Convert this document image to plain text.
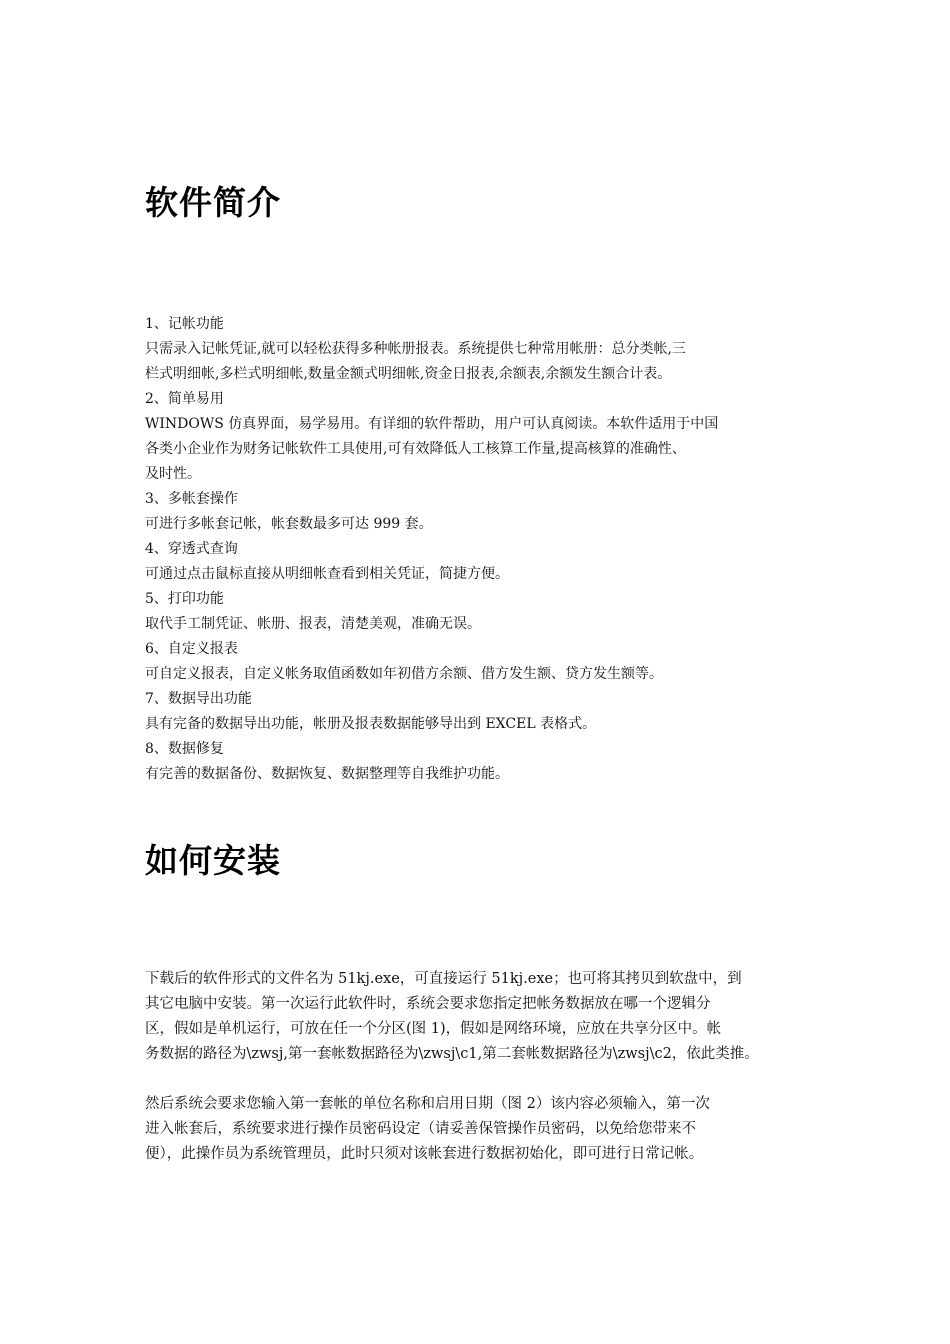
软件简介
1、记帐功能
只需录入记帐凭证,就可以轻松获得多种帐册报表。系统提供七种常用帐册：总分类帐,三
栏式明细帐,多栏式明细帐,数量金额式明细帐,资金日报表,余额表,余额发生额合计表。
2、简单易用
WINDOWS 仿真界面，易学易用。有详细的软件帮助，用户可认真阅读。本软件适用于中国
各类小企业作为财务记帐软件工具使用,可有效降低人工核算工作量,提高核算的准确性、
及时性。
3、多帐套操作
可进行多帐套记帐，帐套数最多可达 999 套。
4、穿透式查询
可通过点击鼠标直接从明细帐查看到相关凭证，简捷方便。
5、打印功能
取代手工制凭证、帐册、报表，清楚美观，准确无误。
6、自定义报表
可自定义报表，自定义帐务取值函数如年初借方余额、借方发生额、贷方发生额等。
7、数据导出功能
具有完备的数据导出功能，帐册及报表数据能够导出到 EXCEL 表格式。
8、数据修复
有完善的数据备份、数据恢复、数据整理等自我维护功能。
如何安装
下载后的软件形式的文件名为 51kj.exe，可直接运行 51kj.exe；也可将其拷贝到软盘中，到
其它电脑中安装。第一次运行此软件时，系统会要求您指定把帐务数据放在哪一个逻辑分
区，假如是单机运行，可放在任一个分区(图 1)，假如是网络环境，应放在共享分区中。帐
务数据的路径为\zwsj,第一套帐数据路径为\zwsj\c1,第二套帐数据路径为\zwsj\c2，依此类推。
然后系统会要求您输入第一套帐的单位名称和启用日期（图 2）该内容必须输入，第一次
进入帐套后，系统要求进行操作员密码设定（请妥善保管操作员密码，以免给您带来不
便），此操作员为系统管理员，此时只须对该帐套进行数据初始化，即可进行日常记帐。
